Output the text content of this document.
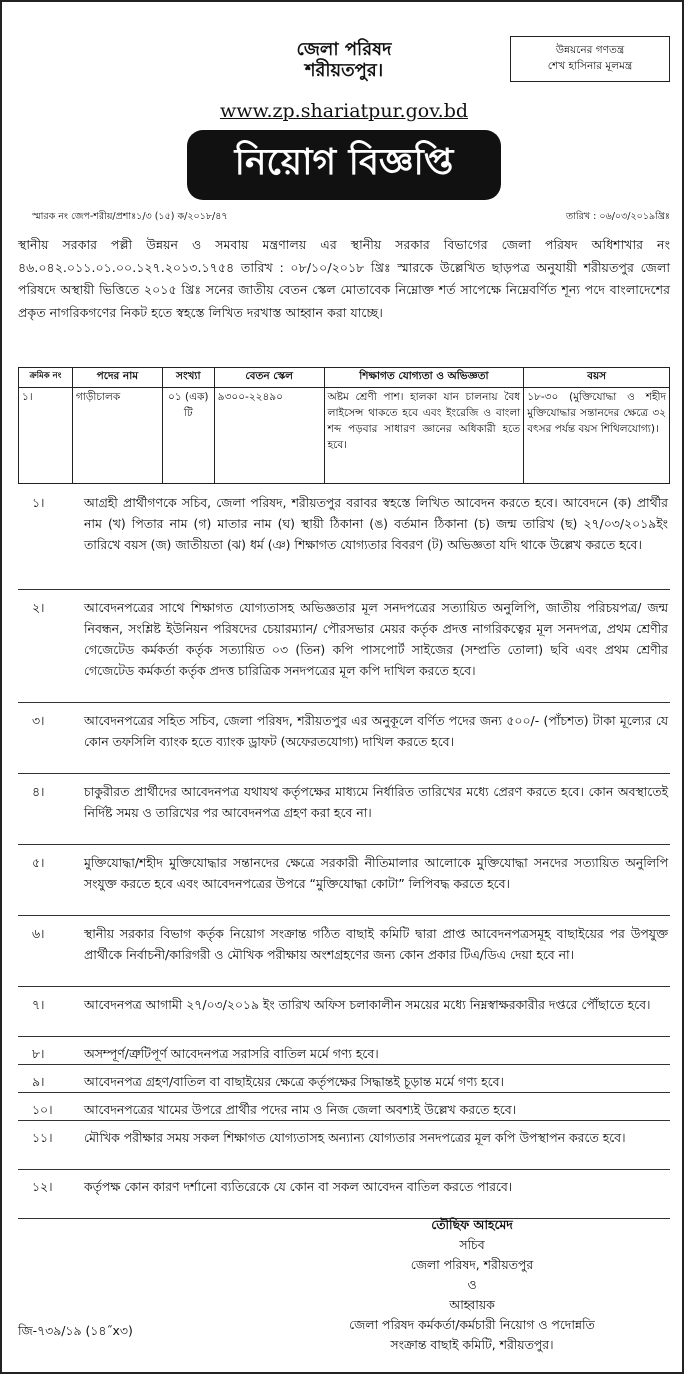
জেলা পরিষদ
শরীয়তপুর।
উন্নয়নের গণতন্ত্র
শেখ হাসিনার মূলমন্ত্র
www.zp.shariatpur.gov.bd
নিয়োগ বিজ্ঞপ্তি
স্মারক নং জেপ-শরীয়/প্রশাঃ১/৩ (১৫) ক/২০১৮/৪৭	তারিখ : ০৬/০৩/২০১৯খ্রিঃ
স্থানীয় সরকার পল্লী উন্নয়ন ও সমবায় মন্ত্রণালয় এর স্থানীয় সরকার বিভাগের জেলা পরিষদ অধিশাখার নং ৪৬.০৪২.০১১.০১.০০.১২৭.২০১৩.১৭৫৪ তারিখ : ০৮/১০/২০১৮ খ্রিঃ স্মারকে উল্লেখিত ছাড়পত্র অনুযায়ী শরীয়তপুর জেলা পরিষদে অস্থায়ী ভিত্তিতে ২০১৫ খ্রিঃ সনের জাতীয় বেতন স্কেল মোতাবেক নিম্নোক্ত শর্ত সাপেক্ষে নিম্নেবর্ণিত শূন্য পদে বাংলাদেশের প্রকৃত নাগরিকগণের নিকট হতে স্বহস্তে লিখিত দরখাস্ত আহ্বান করা যাচ্ছে।
ক্রমিক নং	পদের নাম	সংখ্যা	বেতন স্কেল	শিক্ষাগত যোগ্যতা ও অভিজ্ঞতা	বয়স
১।	গাড়ীচালক	০১ (এক) টি	৯৩০০-২২৪৯০	অষ্টম শ্রেণী পাশ। হালকা যান চালনায় বৈধ লাইসেন্স থাকতে হবে এবং ইংরেজি ও বাংলা শব্দ পড়বার সাধারণ জ্ঞানের অধিকারী হতে হবে।	১৮-৩০ (মুক্তিযোদ্ধা ও শহীদ মুক্তিযোদ্ধার সন্তানদের ক্ষেত্রে ৩২ বৎসর পর্যন্ত বয়স শিথিলযোগ্য)।
১।	আগ্রহী প্রার্থীগণকে সচিব, জেলা পরিষদ, শরীয়তপুর বরাবর স্বহস্তে লিখিত আবেদন করতে হবে। আবেদনে (ক) প্রার্থীর নাম (খ) পিতার নাম (গ) মাতার নাম (ঘ) স্থায়ী ঠিকানা (ঙ) বর্তমান ঠিকানা (চ) জন্ম তারিখ (ছ) ২৭/০৩/২০১৯ইং তারিখে বয়স (জ) জাতীয়তা (ঝ) ধর্ম (ঞ) শিক্ষাগত যোগ্যতার বিবরণ (ট) অভিজ্ঞতা যদি থাকে উল্লেখ করতে হবে।
২।	আবেদনপত্রের সাথে শিক্ষাগত যোগ্যতাসহ অভিজ্ঞতার মূল সনদপত্রের সত্যায়িত অনুলিপি, জাতীয় পরিচয়পত্র/ জন্ম নিবন্ধন, সংশ্লিষ্ট ইউনিয়ন পরিষদের চেয়ারম্যান/ পৌরসভার মেয়র কর্তৃক প্রদত্ত নাগরিকত্বের মূল সনদপত্র, প্রথম শ্রেণীর গেজেটেড কর্মকর্তা কর্তৃক সত্যায়িত ০৩ (তিন) কপি পাসপোর্ট সাইজের (সম্প্রতি তোলা) ছবি এবং প্রথম শ্রেণীর গেজেটেড কর্মকর্তা কর্তৃক প্রদত্ত চারিত্রিক সনদপত্রের মূল কপি দাখিল করতে হবে।
৩।	আবেদনপত্রের সহিত সচিব, জেলা পরিষদ, শরীয়তপুর এর অনুকূলে বর্ণিত পদের জন্য ৫০০/- (পাঁচশত) টাকা মূল্যের যে কোন তফসিলি ব্যাংক হতে ব্যাংক ড্রাফট (অফেরতযোগ্য) দাখিল করতে হবে।
৪।	চাকুরীরত প্রার্থীদের আবেদনপত্র যথাযথ কর্তৃপক্ষের মাধ্যমে নির্ধারিত তারিখের মধ্যে প্রেরণ করতে হবে। কোন অবস্থাতেই নির্দিষ্ট সময় ও তারিখের পর আবেদনপত্র গ্রহণ করা হবে না।
৫।	মুক্তিযোদ্ধা/শহীদ মুক্তিযোদ্ধার সন্তানদের ক্ষেত্রে সরকারী নীতিমালার আলোকে মুক্তিযোদ্ধা সনদের সত্যায়িত অনুলিপি সংযুক্ত করতে হবে এবং আবেদনপত্রের উপরে “মুক্তিযোদ্ধা কোটা” লিপিবদ্ধ করতে হবে।
৬।	স্থানীয় সরকার বিভাগ কর্তৃক নিয়োগ সংক্রান্ত গঠিত বাছাই কমিটি দ্বারা প্রাপ্ত আবেদনপত্রসমূহ বাছাইয়ের পর উপযুক্ত প্রার্থীকে নির্বাচনী/কারিগরী ও মৌখিক পরীক্ষায় অংশগ্রহণের জন্য কোন প্রকার টিএ/ডিএ দেয়া হবে না।
৭।	আবেদনপত্র আগামী ২৭/০৩/২০১৯ ইং তারিখ অফিস চলাকালীন সময়ের মধ্যে নিম্নস্বাক্ষরকারীর দপ্তরে পৌঁছাতে হবে।
৮।	অসম্পূর্ণ/ত্রুটিপূর্ণ আবেদনপত্র সরাসরি বাতিল মর্মে গণ্য হবে।
৯।	আবেদনপত্র গ্রহণ/বাতিল বা বাছাইয়ের ক্ষেত্রে কর্তৃপক্ষের সিদ্ধান্তই চূড়ান্ত মর্মে গণ্য হবে।
১০।	আবেদনপত্রের খামের উপরে প্রার্থীর পদের নাম ও নিজ জেলা অবশ্যই উল্লেখ করতে হবে।
১১।	মৌখিক পরীক্ষার সময় সকল শিক্ষাগত যোগ্যতাসহ অন্যান্য যোগ্যতার সনদপত্রের মূল কপি উপস্থাপন করতে হবে।
১২।	কর্তৃপক্ষ কোন কারণ দর্শানো ব্যতিরেকে যে কোন বা সকল আবেদন বাতিল করতে পারবে।
তৌছিফ আহমেদ
সচিব
জেলা পরিষদ, শরীয়তপুর
ও
আহ্বায়ক
জেলা পরিষদ কর্মকর্তা/কর্মচারী নিয়োগ ও পদোন্নতি
সংক্রান্ত বাছাই কমিটি, শরীয়তপুর।
জি-৭৩৯/১৯ (১৪˝x৩)
